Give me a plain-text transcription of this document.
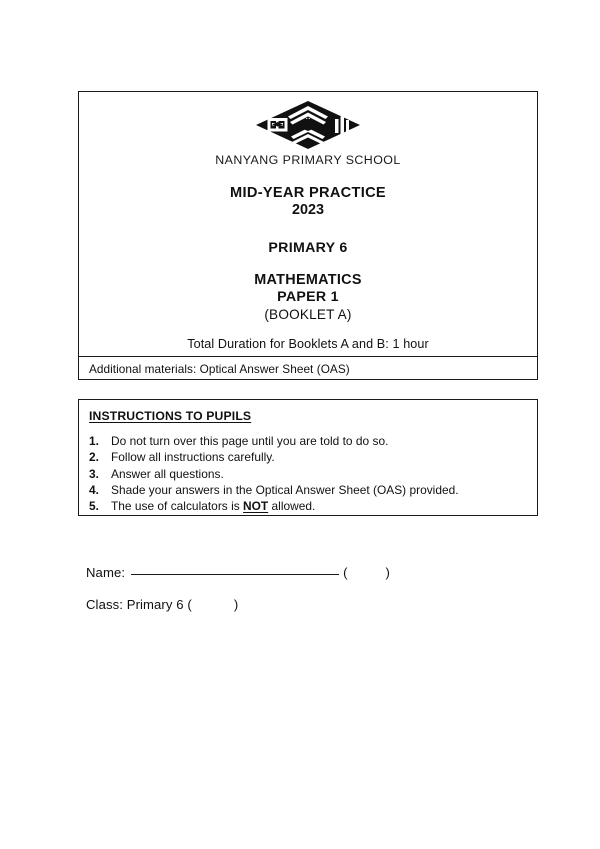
NANYANG PRIMARY SCHOOL
MID-YEAR PRACTICE
2023
PRIMARY 6
MATHEMATICS
PAPER 1
(BOOKLET A)
Total Duration for Booklets A and B: 1 hour
Additional materials: Optical Answer Sheet (OAS)
INSTRUCTIONS TO PUPILS
1.	Do not turn over this page until you are told to do so.
2.	Follow all instructions carefully.
3.	Answer all questions.
4.	Shade your answers in the Optical Answer Sheet (OAS) provided.
5.	The use of calculators is NOT allowed.
Name:	(	)
Class: Primary 6 (	)
